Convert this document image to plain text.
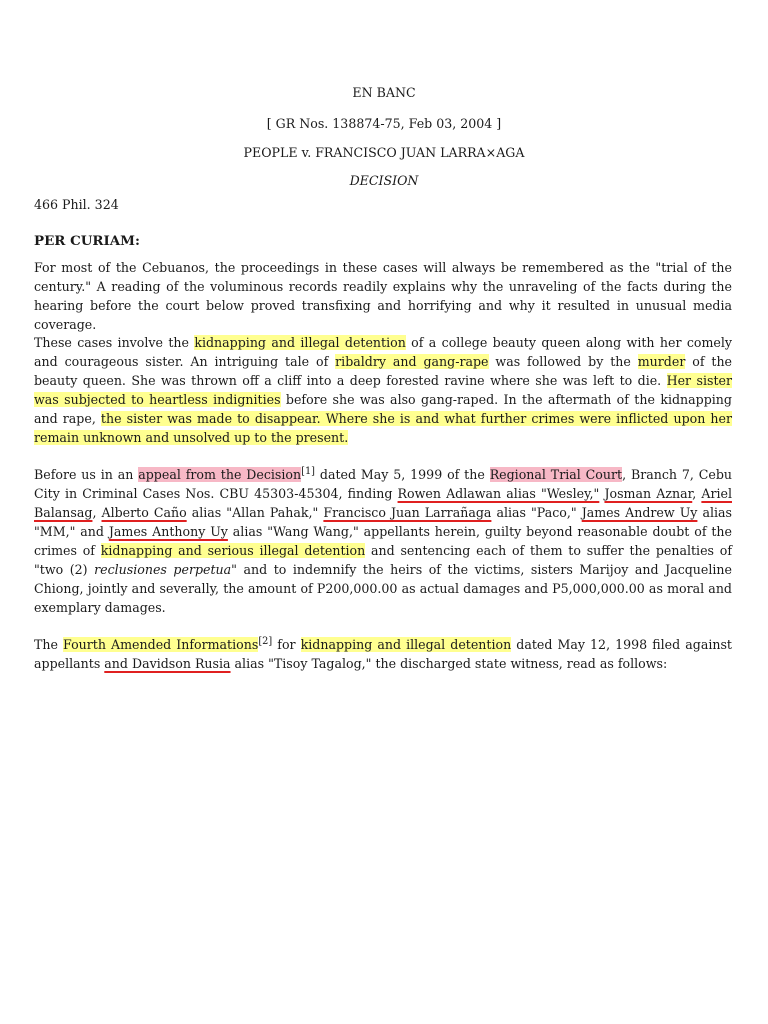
EN BANC
[ GR Nos. 138874-75, Feb 03, 2004 ]
PEOPLE v. FRANCISCO JUAN LARRA×AGA
DECISION
466 Phil. 324
PER CURIAM:

For most of the Cebuanos, the proceedings in these cases will always be remembered as the "trial of the century." A reading of the voluminous records readily explains why the unraveling of the facts during the hearing before the court below proved transfixing and horrifying and why it resulted in unusual media coverage.

These cases involve the kidnapping and illegal detention of a college beauty queen along with her comely and courageous sister. An intriguing tale of ribaldry and gang-rape was followed by the murder of the beauty queen. She was thrown off a cliff into a deep forested ravine where she was left to die. Her sister was subjected to heartless indignities before she was also gang-raped. In the aftermath of the kidnapping and rape, the sister was made to disappear. Where she is and what further crimes were inflicted upon her remain unknown and unsolved up to the present.

Before us in an appeal from the Decision[1] dated May 5, 1999 of the Regional Trial Court, Branch 7, Cebu City in Criminal Cases Nos. CBU 45303-45304, finding Rowen Adlawan alias "Wesley," Josman Aznar, Ariel Balansag, Alberto Caño alias "Allan Pahak," Francisco Juan Larrañaga alias "Paco," James Andrew Uy alias "MM," and James Anthony Uy alias "Wang Wang," appellants herein, guilty beyond reasonable doubt of the crimes of kidnapping and serious illegal detention and sentencing each of them to suffer the penalties of "two (2) reclusiones perpetua" and to indemnify the heirs of the victims, sisters Marijoy and Jacqueline Chiong, jointly and severally, the amount of P200,000.00 as actual damages and P5,000,000.00 as moral and exemplary damages.

The Fourth Amended Informations[2] for kidnapping and illegal detention dated May 12, 1998 filed against appellants and Davidson Rusia alias "Tisoy Tagalog," the discharged state witness, read as follows:
